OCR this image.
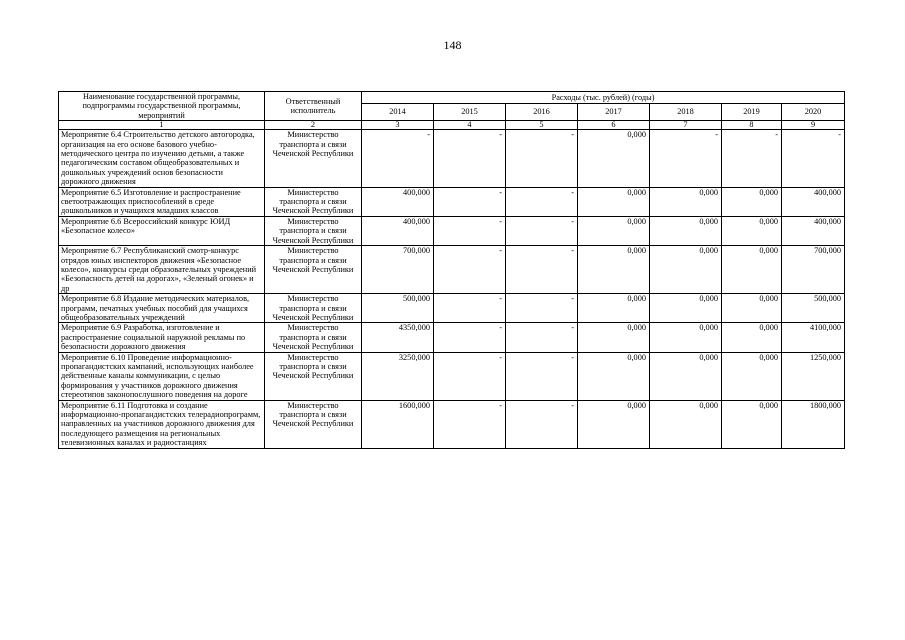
148
Наименование государственной программы, подпрограммы государственной программы, мероприятий	Ответственный исполнитель	Расходы (тыс. рублей) (годы)						
		2014	2015	2016	2017	2018	2019	2020
1	2	3	4	5	6	7	8	9
Мероприятие 6.4 Строительство детского автогородка, организация на его основе базового учебно-методического центра по изучению детьми, а также педагогическим составом общеобразовательных и дошкольных учреждений основ безопасности дорожного движения	Министерство транспорта и связи Чеченской Республики	-	-	-	0,000	-	-	-
Мероприятие 6.5 Изготовление и распространение светоотражающих приспособлений в среде дошкольников и учащихся младших классов	Министерство транспорта и связи Чеченской Республики	400,000	-	-	0,000	0,000	0,000	400,000
Мероприятие 6.6 Всероссийский конкурс ЮИД «Безопасное колесо»	Министерство транспорта и связи Чеченской Республики	400,000	-	-	0,000	0,000	0,000	400,000
Мероприятие 6.7 Республиканский смотр-конкурс отрядов юных инспекторов движения «Безопасное колесо», конкурсы среди образовательных учреждений «Безопасность детей на дорогах», «Зеленый огонек» и др	Министерство транспорта и связи Чеченской Республики	700,000	-	-	0,000	0,000	0,000	700,000
Мероприятие 6.8 Издание методических материалов, программ, печатных учебных пособий для учащихся общеобразовательных учреждений	Министерство транспорта и связи Чеченской Республики	500,000	-	-	0,000	0,000	0,000	500,000
Мероприятие 6.9 Разработка, изготовление и распространение социальной наружной рекламы по безопасности дорожного движения	Министерство транспорта и связи Чеченской Республики	4350,000	-	-	0,000	0,000	0,000	4100,000
Мероприятие 6.10 Проведение информационно-пропагандистских кампаний, использующих наиболее действенные каналы коммуникации, с целью формирования у участников дорожного движения стереотипов законопослушного поведения на дороге	Министерство транспорта и связи Чеченской Республики	3250,000	-	-	0,000	0,000	0,000	1250,000
Мероприятие 6.11 Подготовка и создание информационно-пропагандистских телерадиопрограмм, направленных на участников дорожного движения для последующего размещения на региональных телевизионных каналах и радиостанциях	Министерство транспорта и связи Чеченской Республики	1600,000	-	-	0,000	0,000	0,000	1800,000
